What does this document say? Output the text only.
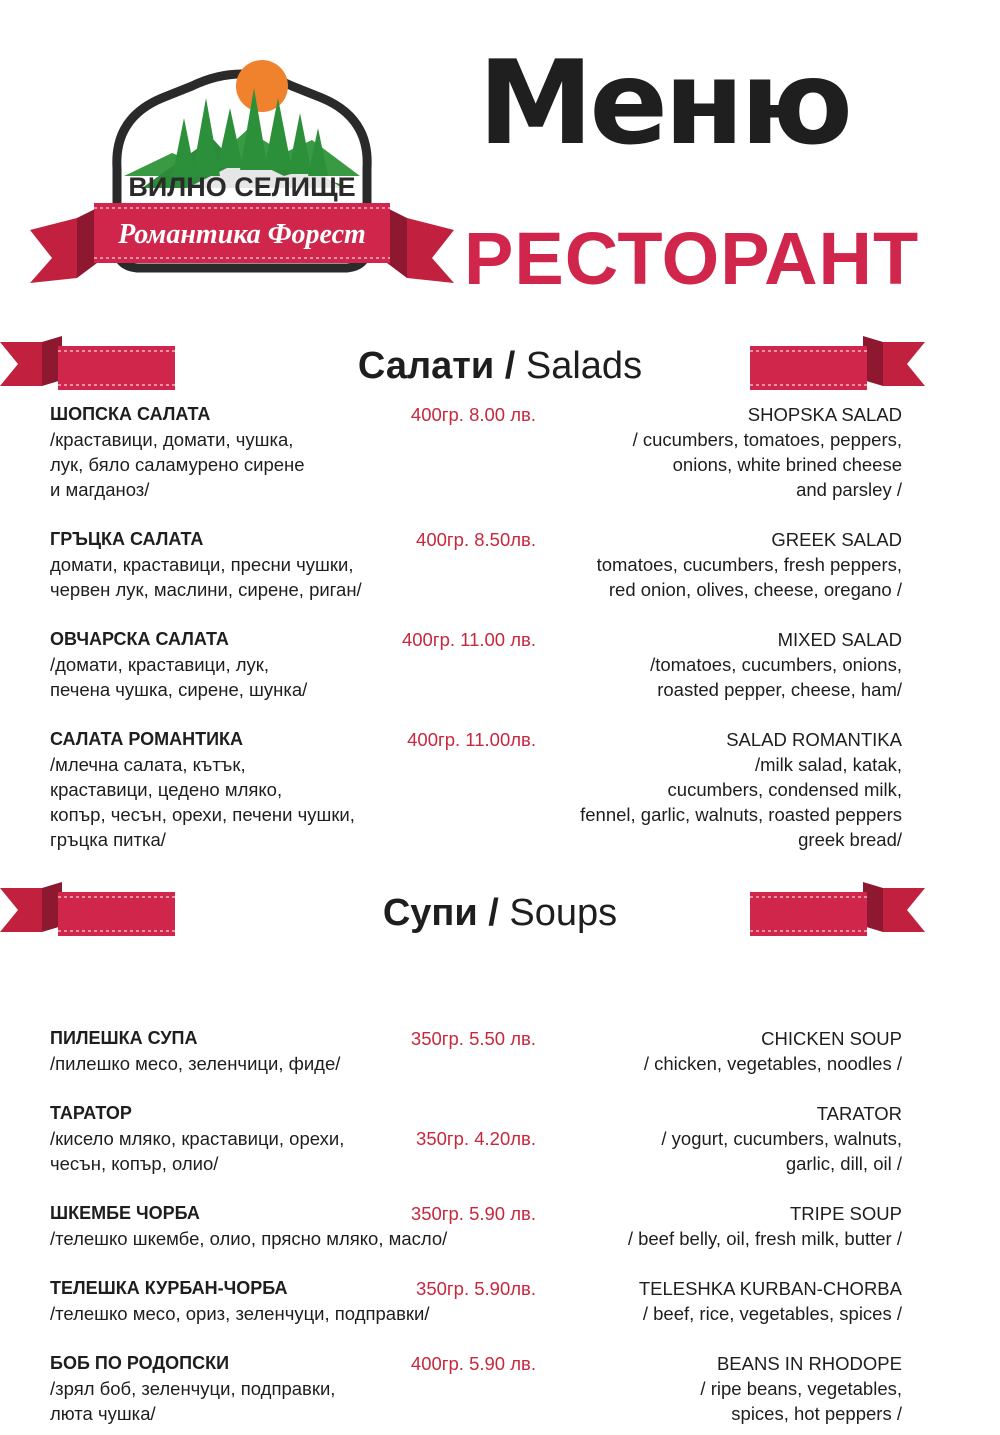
ВИЛНО СЕЛИЩЕ
Романтика Форест
Меню
РЕСТОРАНТ
Салати / Salads
ШОПСКА САЛАТА	400гр. 8.00 лв.
/краставици, домати, чушка,
лук, бяло саламурено сирене
и магданоз/
SHOPSKA SALAD
/ cucumbers, tomatoes, peppers,
onions, white brined cheese
and parsley /
ГРЪЦКА САЛАТА	400гр. 8.50лв.
домати, краставици, пресни чушки,
червен лук, маслини, сирене, риган/
GREEK SALAD
tomatoes, cucumbers, fresh peppers,
red onion, olives, cheese, oregano /
ОВЧАРСКА САЛАТА	400гр. 11.00 лв.
/домати, краставици, лук,
печена чушка, сирене, шунка/
MIXED SALAD
/tomatoes, cucumbers, onions,
roasted pepper, cheese, ham/
САЛАТА РОМАНТИКА	400гр. 11.00лв.
/млечна салата, кътък,
краставици, цедено мляко,
копър, чесън, орехи, печени чушки,
гръцка питка/
SALAD ROMANTIKA
/milk salad, katak,
cucumbers, condensed milk,
fennel, garlic, walnuts, roasted peppers
greek bread/
Супи / Soups
ПИЛЕШКА СУПА	350гр. 5.50 лв.
/пилешко месо, зеленчици, фиде/
CHICKEN SOUP
/ chicken, vegetables, noodles /
ТАРАТОР
350гр. 4.20лв.
/кисело мляко, краставици, орехи,
чесън, копър, олио/
TARATOR
/ yogurt, cucumbers, walnuts,
garlic, dill, oil /
ШКЕМБЕ ЧОРБА	350гр. 5.90 лв.
/телешко шкембе, олио, прясно мляко, масло/
TRIPE SOUP
/ beef belly, oil, fresh milk, butter /
ТЕЛЕШКА КУРБАН-ЧОРБА	350гр. 5.90лв.
/телешко месо, ориз, зеленчуци, подправки/
TELESHKA KURBAN-CHORBA
/ beef, rice, vegetables, spices /
БОБ ПО РОДОПСКИ	400гр. 5.90 лв.
/зрял боб, зеленчуци, подправки,
люта чушка/
BEANS IN RHODOPE
/ ripe beans, vegetables,
spices, hot peppers /
